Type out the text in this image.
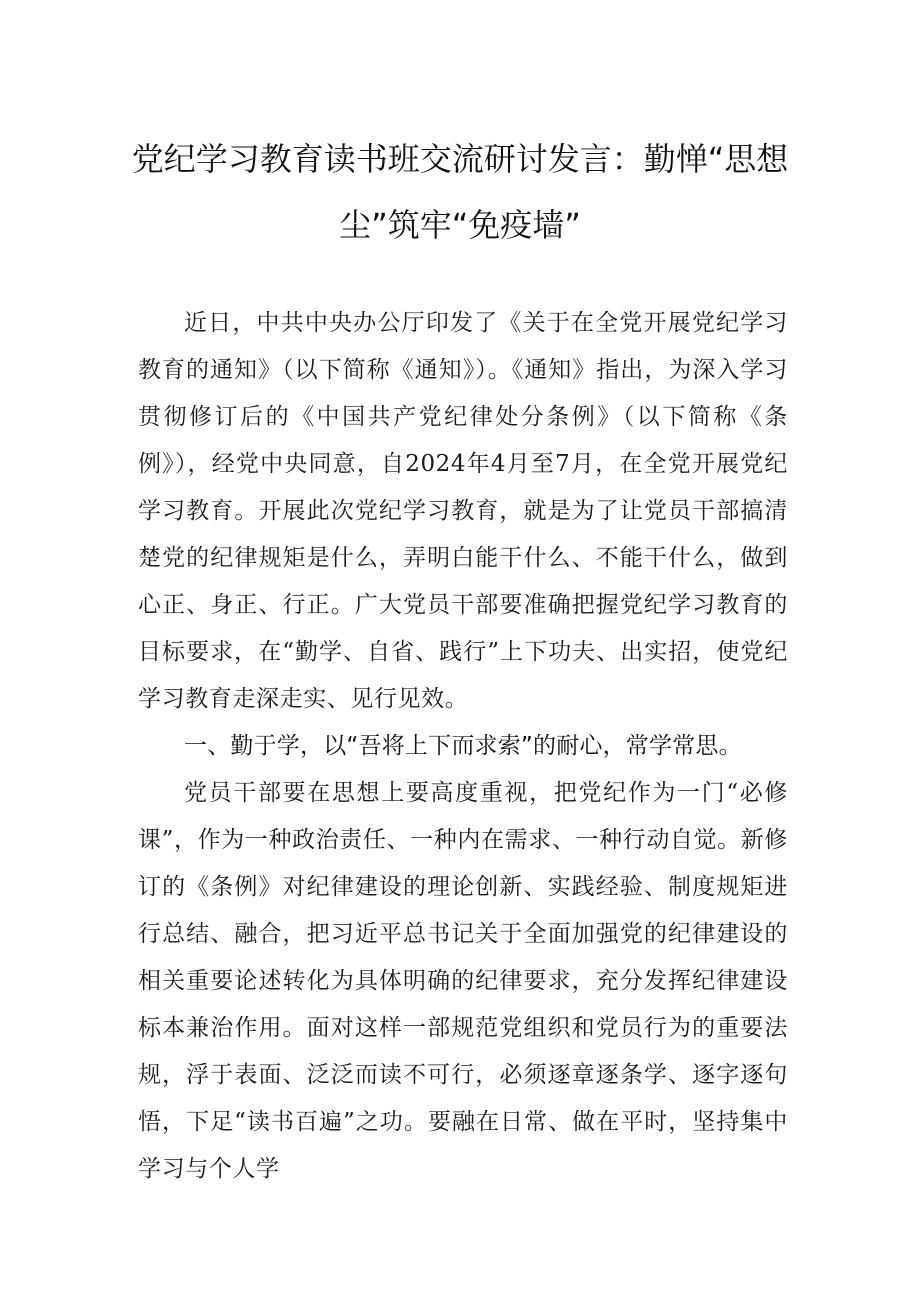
党纪学习教育读书班交流研讨发言：勤惮“思想尘”筑牢“免疫墙”

近日，中共中央办公厅印发了《关于在全党开展党纪学习教育的通知》（以下简称《通知》）。《通知》指出，为深入学习贯彻修订后的《中国共产党纪律处分条例》（以下简称《条例》），经党中央同意，自2024年4月至7月，在全党开展党纪学习教育。开展此次党纪学习教育，就是为了让党员干部搞清楚党的纪律规矩是什么，弄明白能干什么、不能干什么，做到心正、身正、行正。广大党员干部要准确把握党纪学习教育的目标要求，在“勤学、自省、践行”上下功夫、出实招，使党纪学习教育走深走实、见行见效。

一、勤于学，以“吾将上下而求索”的耐心，常学常思。

党员干部要在思想上要高度重视，把党纪作为一门“必修课”，作为一种政治责任、一种内在需求、一种行动自觉。新修订的《条例》对纪律建设的理论创新、实践经验、制度规矩进行总结、融合，把习近平总书记关于全面加强党的纪律建设的相关重要论述转化为具体明确的纪律要求，充分发挥纪律建设标本兼治作用。面对这样一部规范党组织和党员行为的重要法规，浮于表面、泛泛而读不可行，必须逐章逐条学、逐字逐句悟，下足“读书百遍”之功。要融在日常、做在平时，坚持集中学习与个人学
